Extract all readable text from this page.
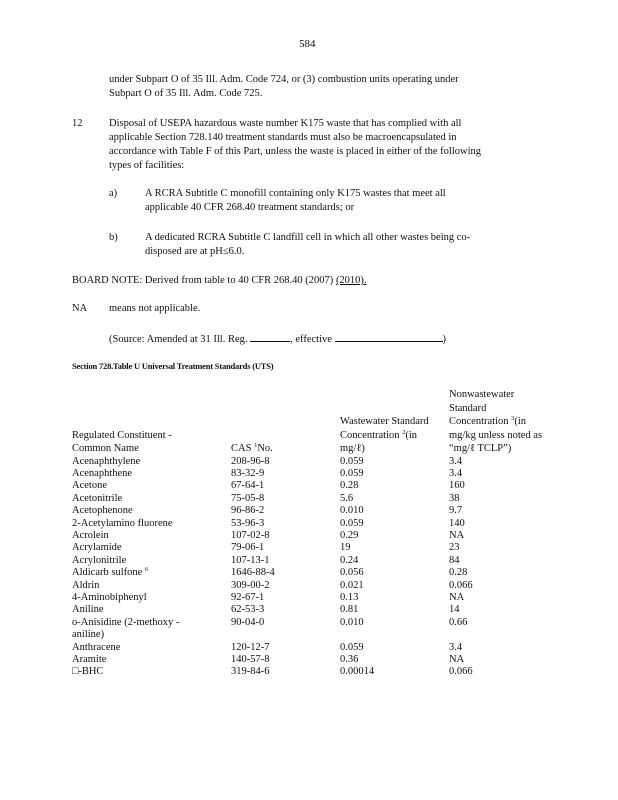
584
under Subpart O of 35 Ill. Adm. Code 724, or (3) combustion units operating under
Subpart O of 35 Ill. Adm. Code 725.
12	Disposal of USEPA hazardous waste number K175 waste that has complied with all
applicable Section 728.140 treatment standards must also be macroencapsulated in
accordance with Table F of this Part, unless the waste is placed in either of the following
types of facilities:
a)	A RCRA Subtitle C monofill containing only K175 wastes that meet all
applicable 40 CFR 268.40 treatment standards; or
b)	A dedicated RCRA Subtitle C landfill cell in which all other wastes being co-
disposed are at pH≤6.0.
BOARD NOTE: Derived from table to 40 CFR 268.40 (2007) (2010).
NA means not applicable.
(Source: Amended at 31 Ill. Reg.	, effective	)
Section 728.Table U Universal Treatment Standards (UTS)
Regulated Constituent - Common Name	CAS $^1$No.	Wastewater Standard Concentration $^2$(in mg/ℓ)	Nonwastewater Standard Concentration $^3$(in mg/kg unless noted as “mg/ℓ TCLP”)

Acenaphthylene	208-96-8	0.059	3.4
Acenaphthene	83-32-9	0.059	3.4
Acetone	67-64-1	0.28	160
Acetonitrile	75-05-8	5.6	38
Acetophenone	96-86-2	0.010	9.7
2-Acetylamino fluorene	53-96-3	0.059	140
Acrolein	107-02-8	0.29	NA
Acrylamide	79-06-1	19	23
Acrylonitrile	107-13-1	0.24	84
Aldicarb sulfone $^6$	1646-88-4	0.056	0.28
Aldrin	309-00-2	0.021	0.066
4-Aminobiphenyl	92-67-1	0.13	NA
Aniline	62-53-3	0.81	14
o-Anisidine (2-methoxy - aniline)	90-04-0	0.010	0.66
Anthracene	120-12-7	0.059	3.4
Aramite	140-57-8	0.36	NA
□-BHC	319-84-6	0.00014	0.066
